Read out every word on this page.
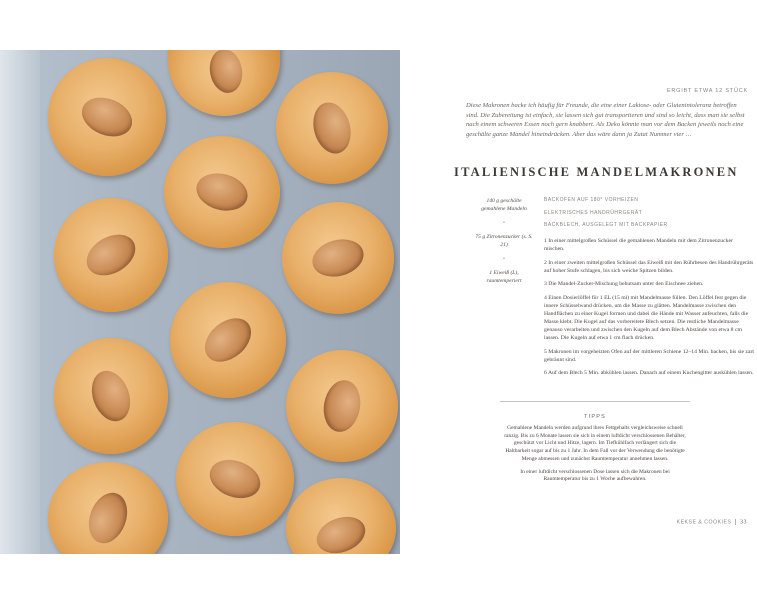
ERGIBT ETWA 12 STÜCK

Diese Makronen backe ich häufig für Freunde, die eine einer Laktose- oder Glutenintoleranz betroffen sind. Die Zubereitung ist einfach, sie lassen sich gut transportieren und sind so leicht, dass man sie selbst nach einem schweren Essen noch gern knabbert. Als Deko könnte man vor dem Backen jeweils noch eine geschälte ganze Mandel hineindrücken. Aber das wäre dann ja Zutat Nummer vier …

ITALIENISCHE MANDELMAKRONEN

140 g geschälte gemahlene Mandeln

•

75 g Zitronenzucker (s. S. 21)

•

1 Eiweiß (L), raumtemperiert

BACKOFEN AUF 180° VORHEIZEN

ELEKTRISCHES HANDRÜHRGERÄT

BACKBLECH, AUSGELEGT MIT BACKPAPIER

1 In einer mittelgroßen Schüssel die gemahlenen Mandeln mit dem Zitronenzucker mischen.

2 In einer zweiten mittelgroßen Schüssel das Eiweiß mit den Rührbesen des Handrührgeräts auf hoher Stufe schlagen, bis sich weiche Spitzen bilden.

3 Die Mandel-Zucker-Mischung behutsam unter den Eischnee ziehen.

4 Einen Dosierlöffel für 1 EL (15 ml) mit Mandelmasse füllen. Den Löffel fest gegen die innere Schüsselwand drücken, um die Masse zu glätten. Mandelmasse zwischen den Handflächen zu einer Kugel formen und dabei die Hände mit Wasser anfeuchten, falls die Masse klebt. Die Kugel auf das vorbereitete Blech setzen. Die restliche Mandelmasse genauso verarbeiten und zwischen den Kugeln auf dem Blech Abstände von etwa 8 cm lassen. Die Kugeln auf etwa 1 cm flach drücken.

5 Makronen im vorgeheizten Ofen auf der mittleren Schiene 12–14 Min. backen, bis sie zart gebräunt sind.

6 Auf dem Blech 5 Min. abkühlen lassen. Danach auf einem Kuchengitter auskühlen lassen.

TIPPS

Gemahlene Mandeln werden aufgrund ihres Fettgehalts vergleichsweise schnell ranzig. Bis zu 6 Monate lassen sie sich in einem luftdicht verschlossenen Behälter, geschützt vor Licht und Hitze, lagern. Im Tiefkühlfach verlängert sich die Haltbarkeit sogar auf bis zu 1 Jahr. In dem Fall vor der Verwendung die benötigte Menge abmessen und zunächst Raumtemperatur annehmen lassen.

In einer luftdicht verschlossenen Dose lassen sich die Makronen bei Raumtemperatur bis zu 1 Woche aufbewahren.

KEKSE & COOKIES 33
